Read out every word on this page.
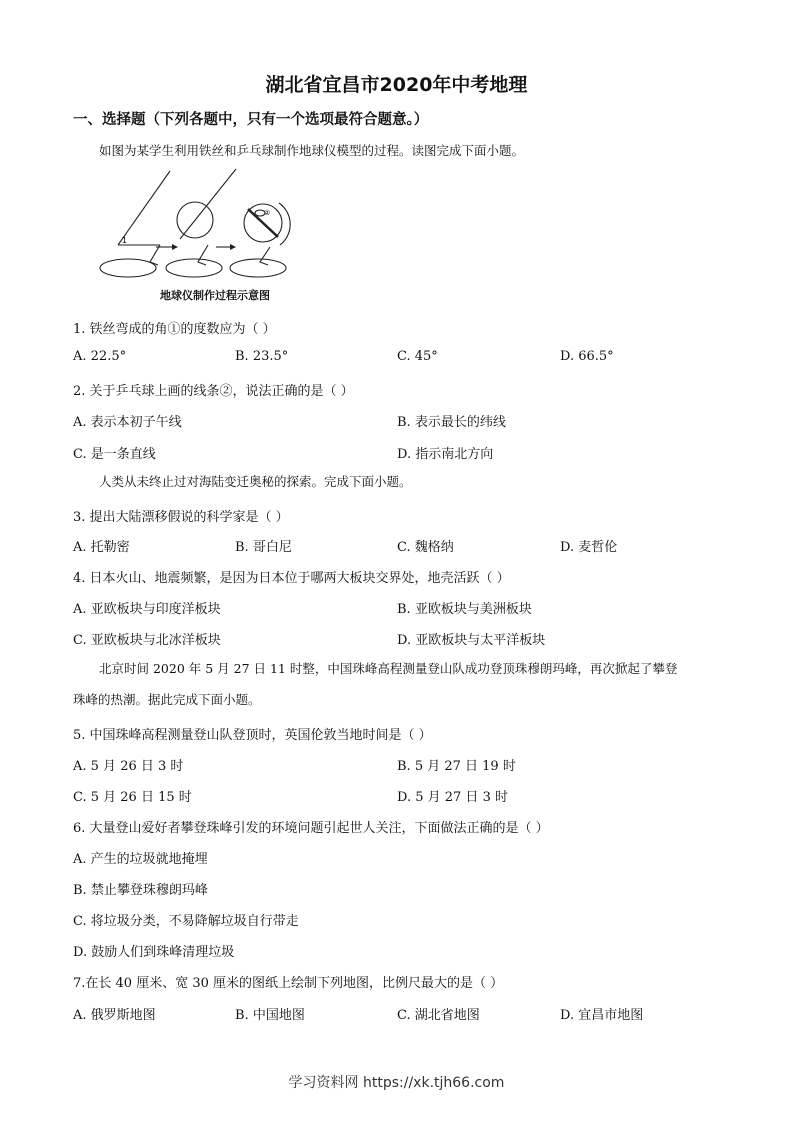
湖北省宜昌市2020年中考地理
一、选择题（下列各题中，只有一个选项最符合题意。）
如图为某学生利用铁丝和乒乓球制作地球仪模型的过程。读图完成下面小题。
1
②
地球仪制作过程示意图
1. 铁丝弯成的角①的度数应为（ ）
A. 22.5°	B. 23.5°	C. 45°	D. 66.5°
2. 关于乒乓球上画的线条②，说法正确的是（ ）
A. 表示本初子午线	B. 表示最长的纬线
C. 是一条直线	D. 指示南北方向
人类从未终止过对海陆变迁奥秘的探索。完成下面小题。
3. 提出大陆漂移假说的科学家是（ ）
A. 托勒密	B. 哥白尼	C. 魏格纳	D. 麦哲伦
4. 日本火山、地震频繁，是因为日本位于哪两大板块交界处，地壳活跃（ ）
A. 亚欧板块与印度洋板块	B. 亚欧板块与美洲板块
C. 亚欧板块与北冰洋板块	D. 亚欧板块与太平洋板块
北京时间 2020 年 5 月 27 日 11 时整，中国珠峰高程测量登山队成功登顶珠穆朗玛峰，再次掀起了攀登
珠峰的热潮。据此完成下面小题。
5. 中国珠峰高程测量登山队登顶时，英国伦敦当地时间是（ ）
A. 5 月 26 日 3 时	B. 5 月 27 日 19 时
C. 5 月 26 日 15 时	D. 5 月 27 日 3 时
6. 大量登山爱好者攀登珠峰引发的环境问题引起世人关注，下面做法正确的是（ ）
A. 产生的垃圾就地掩埋
B. 禁止攀登珠穆朗玛峰
C. 将垃圾分类，不易降解垃圾自行带走
D. 鼓励人们到珠峰清理垃圾
7.在长 40 厘米、宽 30 厘米的图纸上绘制下列地图，比例尺最大的是（ ）
A. 俄罗斯地图	B. 中国地图	C. 湖北省地图	D. 宜昌市地图
学习资料网 https://xk.tjh66.com
